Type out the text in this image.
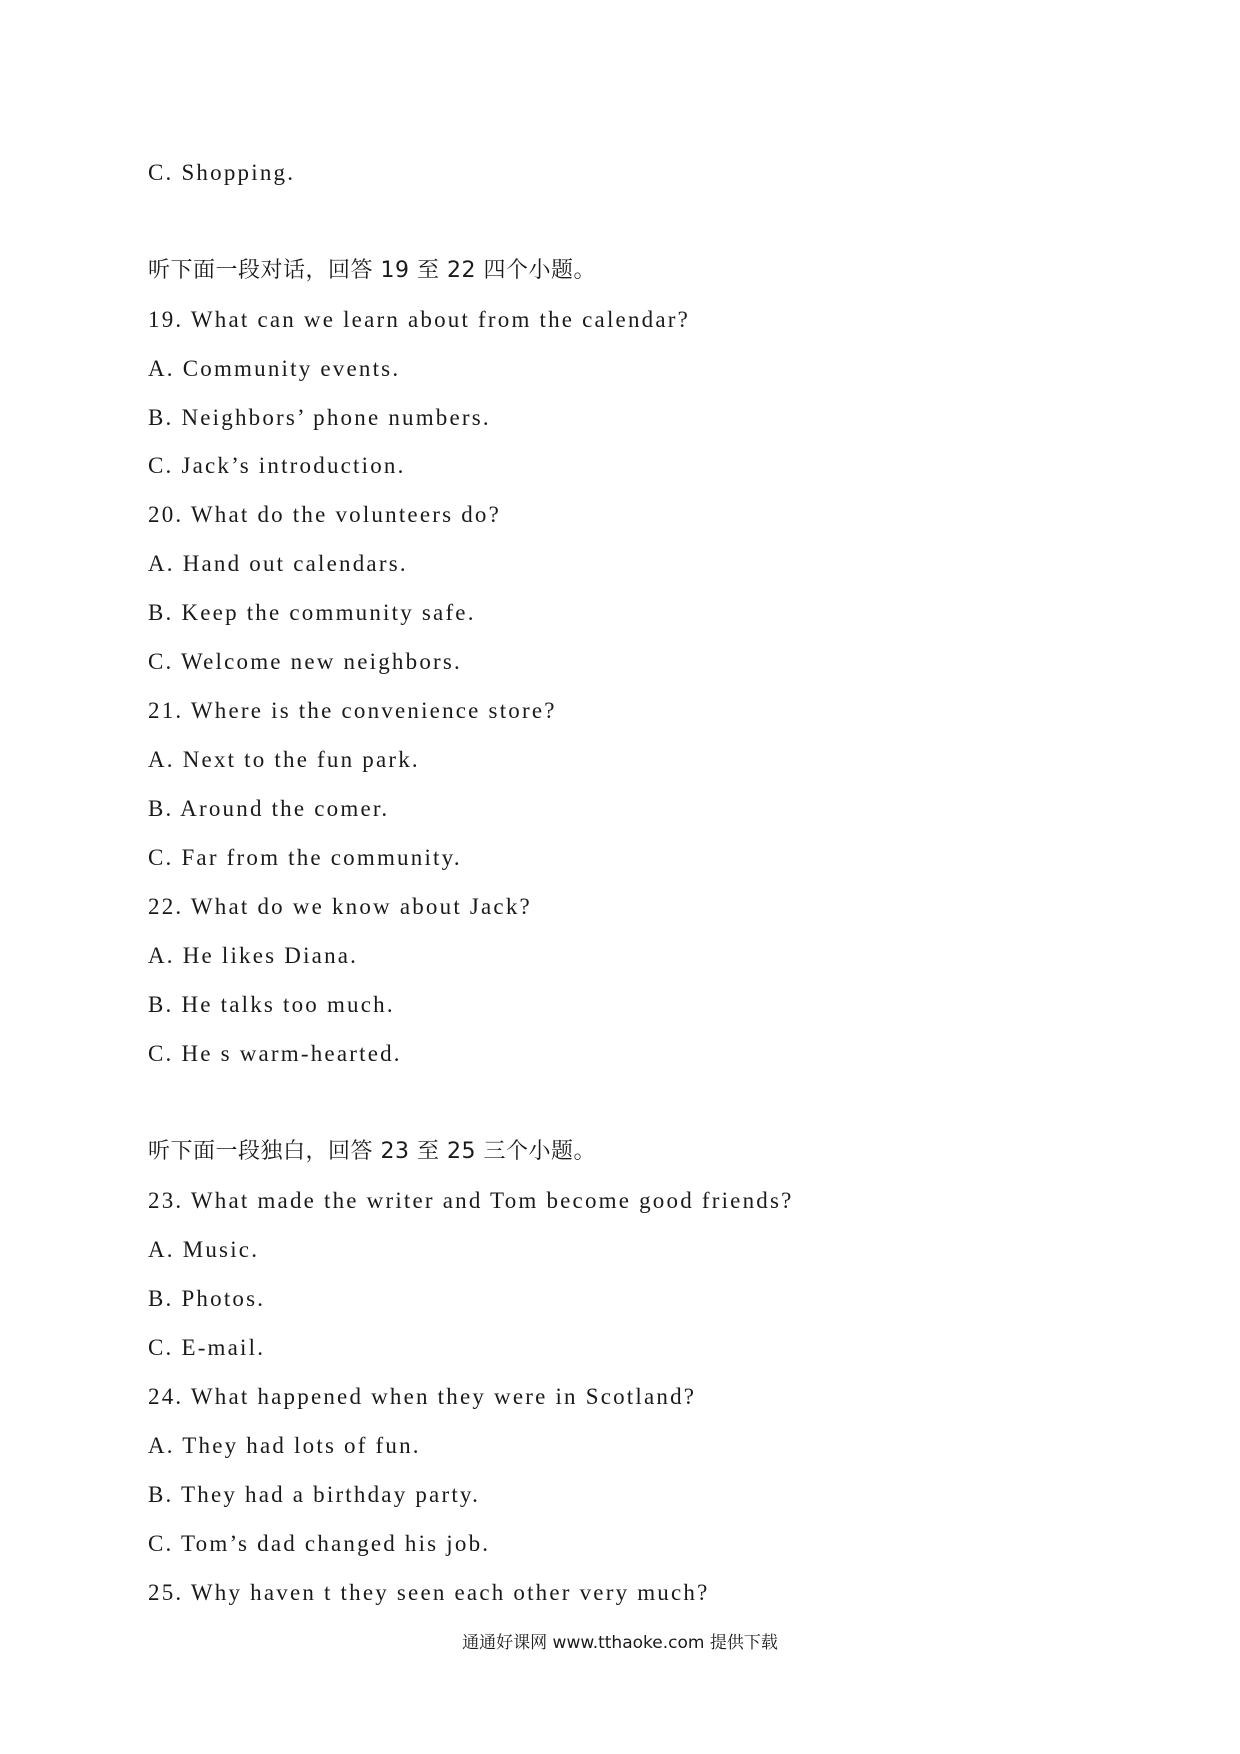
C. Shopping.
听下面一段对话，回答 19 至 22 四个小题。
19. What can we learn about from the calendar?
A. Community events.
B. Neighbors’ phone numbers.
C. Jack’s introduction.
20. What do the volunteers do?
A. Hand out calendars.
B. Keep the community safe.
C. Welcome new neighbors.
21. Where is the convenience store?
A. Next to the fun park.
B. Around the comer.
C. Far from the community.
22. What do we know about Jack?
A. He likes Diana.
B. He talks too much.
C. He s warm-hearted.
听下面一段独白，回答 23 至 25 三个小题。
23. What made the writer and Tom become good friends?
A. Music.
B. Photos.
C. E-mail.
24. What happened when they were in Scotland?
A. They had lots of fun.
B. They had a birthday party.
C. Tom’s dad changed his job.
25. Why haven t they seen each other very much?
通通好课网 www.tthaoke.com 提供下载
